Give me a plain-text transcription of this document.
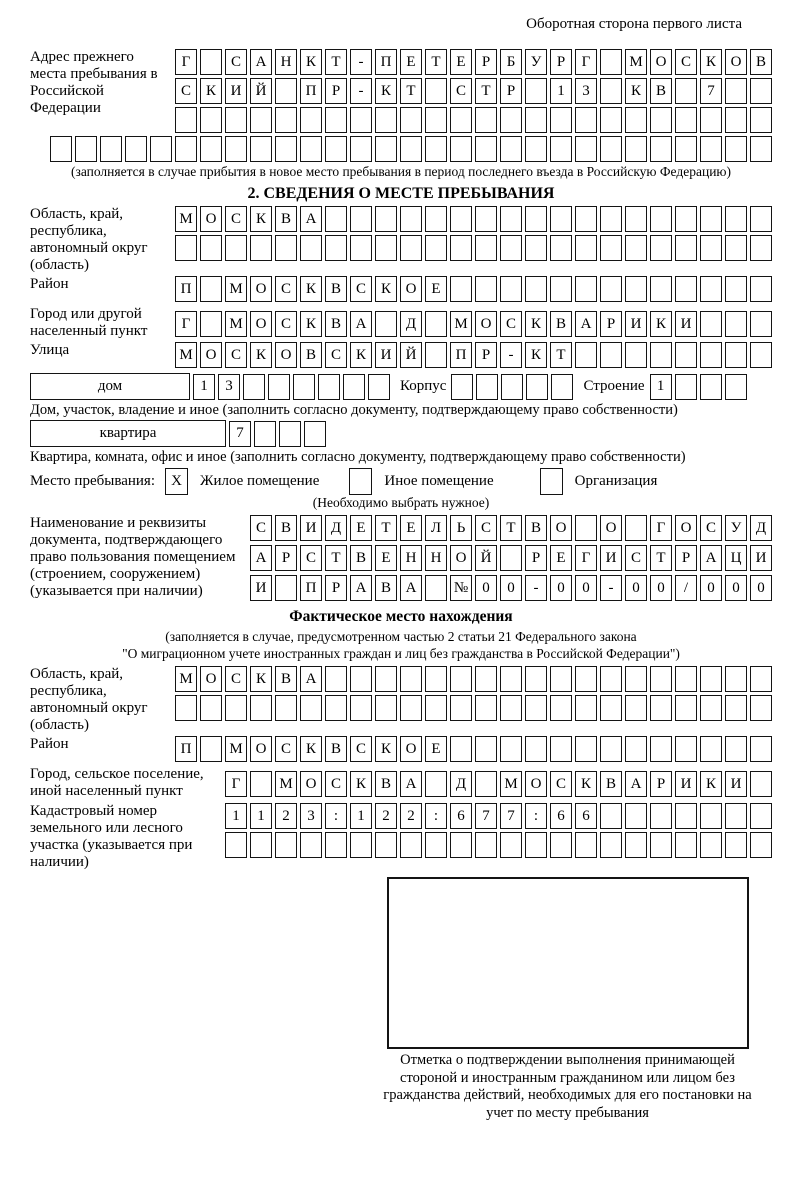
Оборотная сторона первого листа
Адрес прежнего места пребывания в Российской Федерации
Г	С А Н К	Т	-	П Е	Т	Е	Р	Б	У	Р	Г	М О С К О В
С К И Й	П	Р	-	К	Т	С	Т	Р	1	3	К В	7
(заполняется в случае прибытия в новое место пребывания в период последнего въезда в Российскую Федерацию)
2. СВЕДЕНИЯ О МЕСТЕ ПРЕБЫВАНИЯ
Область, край, республика, автономный округ (область)
М О С К В А
Район	П	М О С К В С К О Е
Город или другой населенный пункт	Г	М О С К В А	Д	М О С К В А	Р	И К И
Улица	М О С К О В С К И Й	П	Р	-	К	Т
дом	1	3	Корпус	Строение 1
Дом, участок, владение и иное (заполнить согласно документу, подтверждающему право собственности)
квартира	7
Квартира, комната, офис и иное (заполнить согласно документу, подтверждающему право собственности)
Место пребывания:	X	Жилое помещение	Иное помещение	Организация
(Необходимо выбрать нужное)
Наименование и реквизиты документа, подтверждающего право пользования помещением (строением, сооружением) (указывается при наличии)
С В И Д	Е	Т	Е	Л	Ь	С	Т	В О	О	Г	О С У Д
А	Р	С	Т	В	Е	Н Н О Й	Р	Е	Г	И С	Т	Р	А Ц И
И	П	Р	А В А	№ 0	0	-	0	0	-	0	0	/	0	0	0
Фактическое место нахождения
(заполняется в случае, предусмотренном частью 2 статьи 21 Федерального закона
"О миграционном учете иностранных граждан и лиц без гражданства в Российской Федерации")
Область, край, республика, автономный округ (область)
М О С К В А
Район	П	М О С К В С К О Е
Город, сельское поселение, иной населенный пункт	Г	М О С К В А	Д	М О С К В А	Р	И К И
Кадастровый номер земельного или лесного участка (указывается при наличии)
1	1	2	3	:	1	2	2	:	6	7	7	:	6	6
Отметка о подтверждении выполнения принимающей стороной и иностранным гражданином или лицом без гражданства действий, необходимых для его постановки на учет по месту пребывания
